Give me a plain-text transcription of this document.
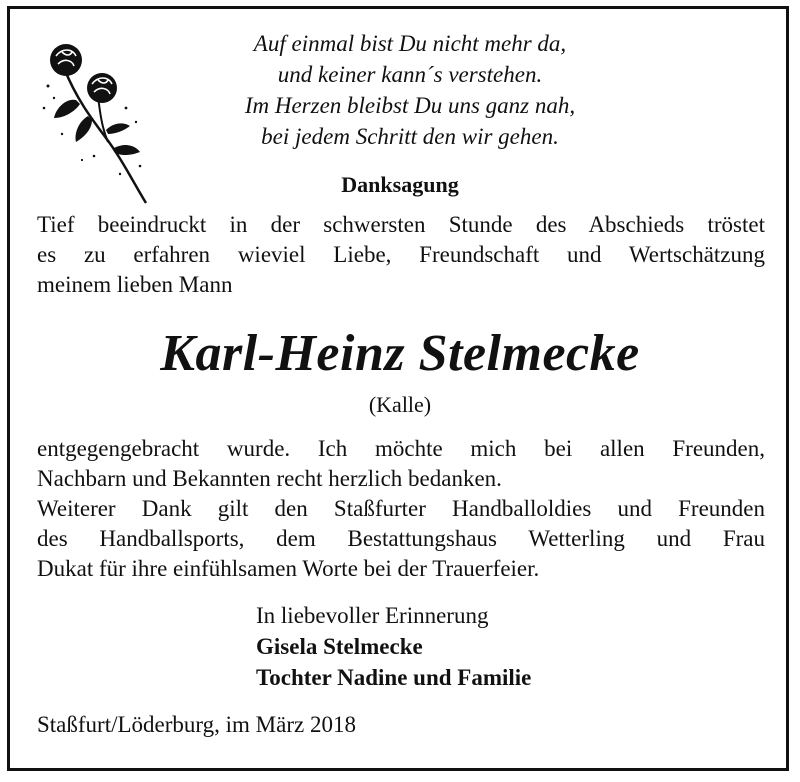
Auf einmal bist Du nicht mehr da,
und keiner kann´s verstehen.
Im Herzen bleibst Du uns ganz nah,
bei jedem Schritt den wir gehen.
Danksagung
Tief beeindruckt in der schwersten Stunde des Abschieds tröstet
es zu erfahren wieviel Liebe, Freundschaft und Wertschätzung
meinem lieben Mann
Karl-Heinz Stelmecke
(Kalle)
entgegengebracht wurde. Ich möchte mich bei allen Freunden,
Nachbarn und Bekannten recht herzlich bedanken.
Weiterer Dank gilt den Staßfurter Handballoldies und Freunden
des Handballsports, dem Bestattungshaus Wetterling und Frau
Dukat für ihre einfühlsamen Worte bei der Trauerfeier.
In liebevoller Erinnerung
Gisela Stelmecke
Tochter Nadine und Familie
Staßfurt/Löderburg, im März 2018
